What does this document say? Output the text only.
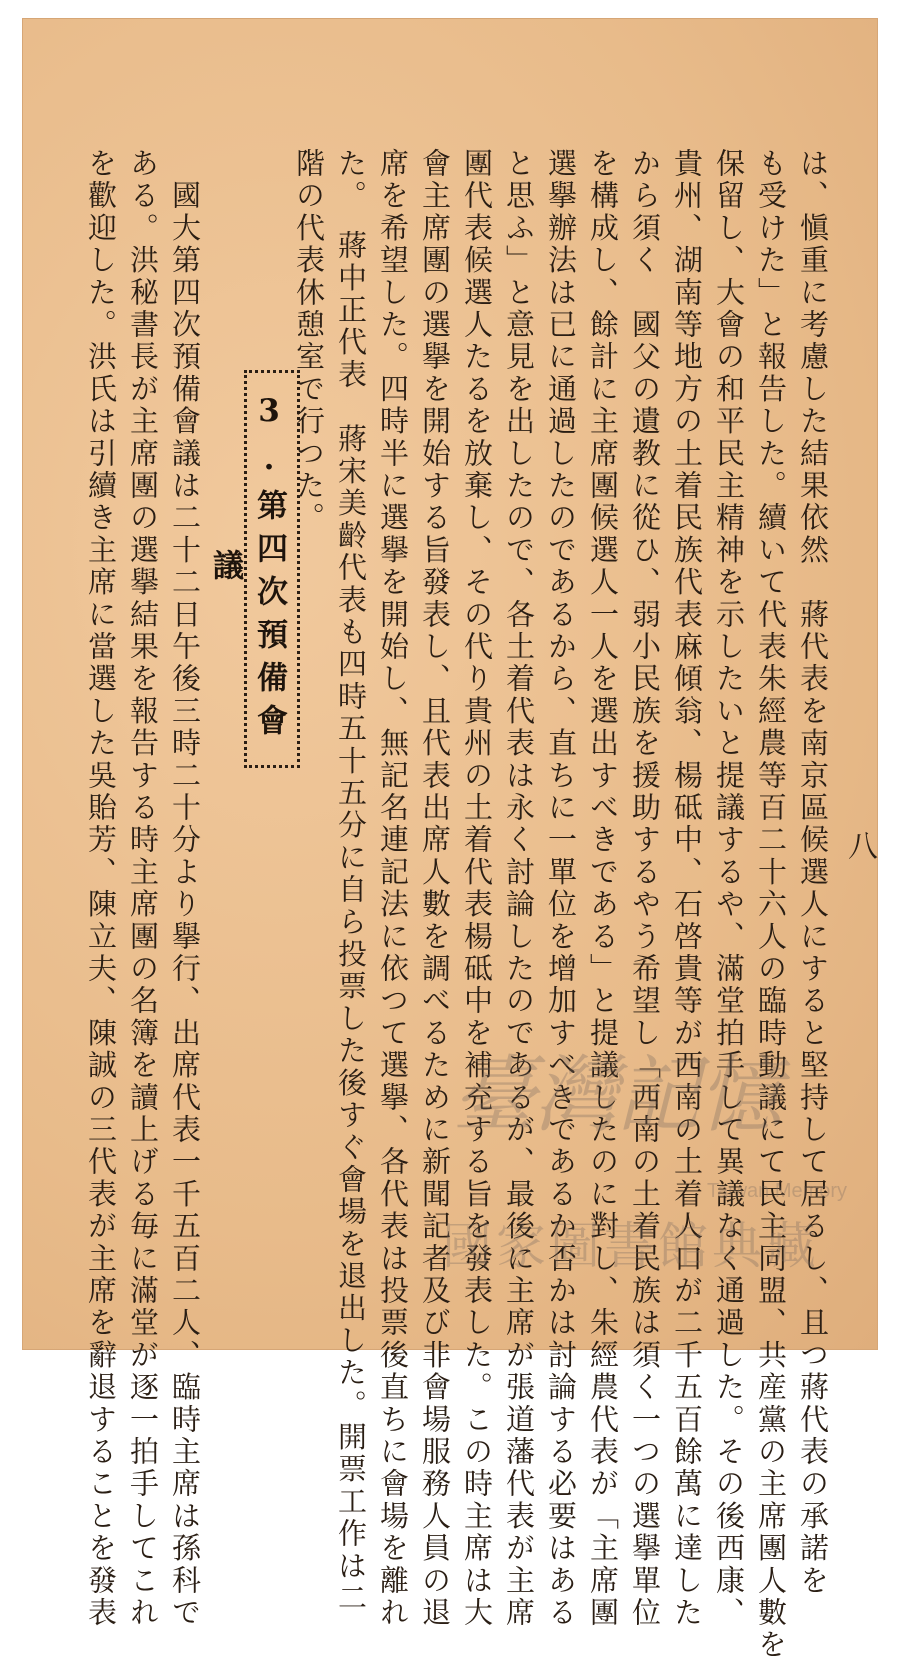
八
は、愼重に考慮した結果依然　蔣代表を南京區候選人にすると堅持して居るし、且つ蔣代表の承諾を
も受けた」と報告した。續いて代表朱經農等百二十六人の臨時動議にて民主同盟、共産黨の主席團人數を
保留し、大會の和平民主精神を示したいと提議するや、滿堂拍手して異議なく通過した。その後西康、
貴州、湖南等地方の土着民族代表麻傾翁、楊砥中、石啓貴等が西南の土着人口が二千五百餘萬に達した
から須く　國父の遺教に從ひ、弱小民族を援助するやう希望し「西南の土着民族は須く一つの選擧單位
を構成し、餘計に主席團候選人一人を選出すべきである」と提議したのに對し、朱經農代表が「主席團
選擧辦法は已に通過したのであるから、直ちに一單位を增加すべきであるか否かは討論する必要はある
と思ふ」と意見を出したので、各土着代表は永く討論したのであるが、最後に主席が張道藩代表が主席
團代表候選人たるを放棄し、その代り貴州の土着代表楊砥中を補充する旨を發表した。この時主席は大
會主席團の選擧を開始する旨發表し、且代表出席人數を調べるために新聞記者及び非會場服務人員の退
席を希望した。四時半に選擧を開始し、無記名連記法に依つて選擧、各代表は投票後直ちに會場を離れ
た。　蔣中正代表　蔣宋美齡代表も四時五十五分に自ら投票した後すぐ會場を退出した。開票工作は二
階の代表休憩室で行つた。
3.第四次預備會議
　國大第四次預備會議は二十二日午後三時二十分より擧行、出席代表一千五百二人、臨時主席は孫科で
ある。洪秘書長が主席團の選擧結果を報告する時主席團の名簿を讀上げる毎に滿堂が逐一拍手してこれ
を歡迎した。洪氏は引續き主席に當選した吳貽芳、陳立夫、陳誠の三代表が主席を辭退することを發表	臺灣記憶
Taiwan Memory
國家圖書館典藏
